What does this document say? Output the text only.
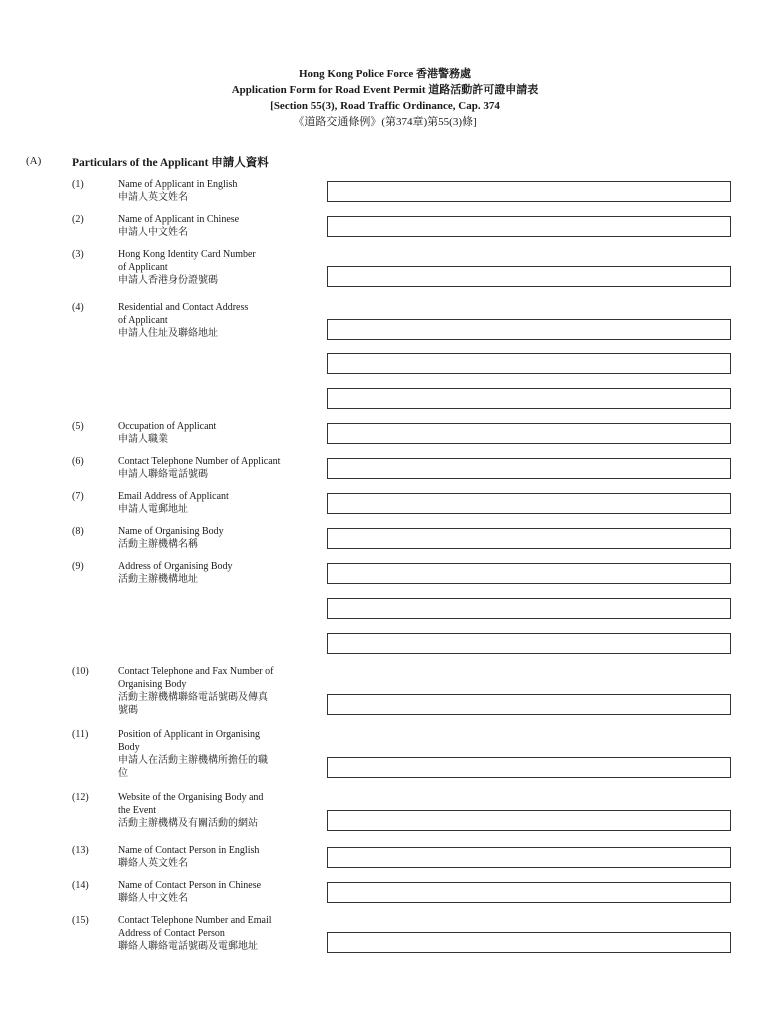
Hong Kong Police Force 香港警務處
Application Form for Road Event Permit 道路活動許可證申請表
[Section 55(3), Road Traffic Ordinance, Cap. 374
《道路交通條例》(第374章)第55(3)條]
(A)	Particulars of the Applicant 申請人資料
(1)	Name of Applicant in English
申請人英文姓名
(2)	Name of Applicant in Chinese
申請人中文姓名
(3)	Hong Kong Identity Card Number
of Applicant
申請人香港身份證號碼
(4)	Residential and Contact Address
of Applicant
申請人住址及聯絡地址
(5)	Occupation of Applicant
申請人職業
(6)	Contact Telephone Number of Applicant
申請人聯絡電話號碼
(7)	Email Address of Applicant
申請人電郵地址
(8)	Name of Organising Body
活動主辦機構名稱
(9)	Address of Organising Body
活動主辦機構地址
(10)	Contact Telephone and Fax Number of
Organising Body
活動主辦機構聯絡電話號碼及傳真
號碼
(11)	Position of Applicant in Organising
Body
申請人在活動主辦機構所擔任的職
位
(12)	Website of the Organising Body and
the Event
活動主辦機構及有關活動的網站
(13)	Name of Contact Person in English
聯絡人英文姓名
(14)	Name of Contact Person in Chinese
聯絡人中文姓名
(15)	Contact Telephone Number and Email
Address of Contact Person
聯絡人聯絡電話號碼及電郵地址
